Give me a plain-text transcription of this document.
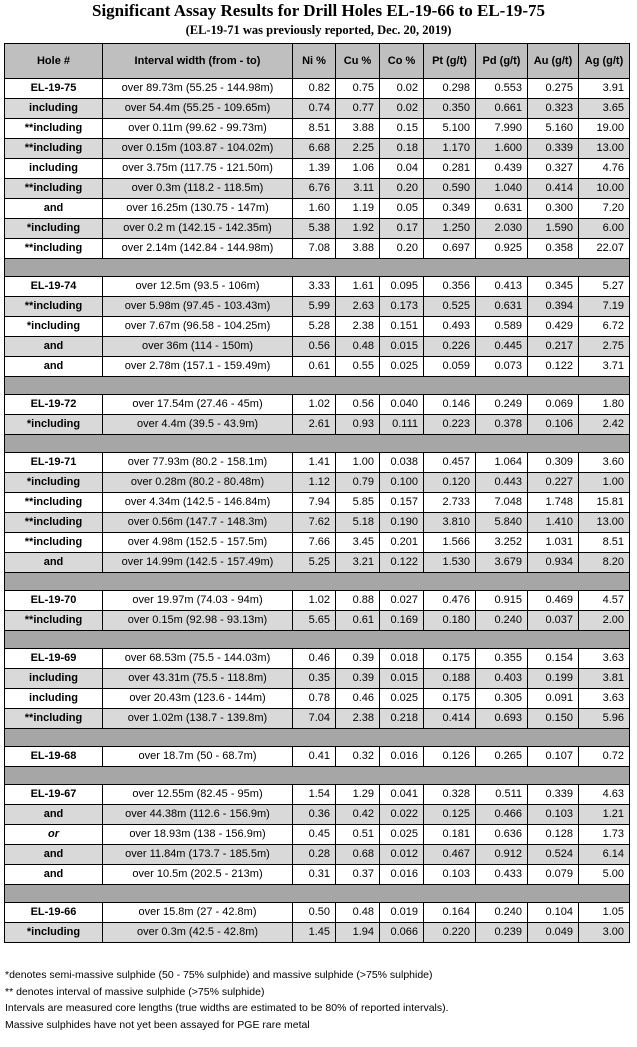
Significant Assay Results for Drill Holes EL-19-66 to EL-19-75
(EL-19-71 was previously reported, Dec. 20, 2019)
Hole #	Interval width (from - to)	Ni %	Cu %	Co %	Pt (g/t)	Pd (g/t)	Au (g/t)	Ag (g/t)
EL-19-75	over 89.73m (55.25 - 144.98m)	0.82	0.75	0.02	0.298	0.553	0.275	3.91
including	over 54.4m (55.25 - 109.65m)	0.74	0.77	0.02	0.350	0.661	0.323	3.65
**including	over 0.11m (99.62 - 99.73m)	8.51	3.88	0.15	5.100	7.990	5.160	19.00
**including	over 0.15m (103.87 - 104.02m)	6.68	2.25	0.18	1.170	1.600	0.339	13.00
including	over 3.75m (117.75 - 121.50m)	1.39	1.06	0.04	0.281	0.439	0.327	4.76
**including	over 0.3m (118.2 - 118.5m)	6.76	3.11	0.20	0.590	1.040	0.414	10.00
and	over 16.25m (130.75 - 147m)	1.60	1.19	0.05	0.349	0.631	0.300	7.20
*including	over 0.2 m (142.15 - 142.35m)	5.38	1.92	0.17	1.250	2.030	1.590	6.00
**including	over 2.14m (142.84 - 144.98m)	7.08	3.88	0.20	0.697	0.925	0.358	22.07

EL-19-74	over 12.5m (93.5 - 106m)	3.33	1.61	0.095	0.356	0.413	0.345	5.27
**including	over 5.98m (97.45 - 103.43m)	5.99	2.63	0.173	0.525	0.631	0.394	7.19
*including	over 7.67m (96.58 - 104.25m)	5.28	2.38	0.151	0.493	0.589	0.429	6.72
and	over 36m (114 - 150m)	0.56	0.48	0.015	0.226	0.445	0.217	2.75
and	over 2.78m (157.1 - 159.49m)	0.61	0.55	0.025	0.059	0.073	0.122	3.71

EL-19-72	over 17.54m (27.46 - 45m)	1.02	0.56	0.040	0.146	0.249	0.069	1.80
*including	over 4.4m (39.5 - 43.9m)	2.61	0.93	0.111	0.223	0.378	0.106	2.42

EL-19-71	over 77.93m (80.2 - 158.1m)	1.41	1.00	0.038	0.457	1.064	0.309	3.60
*including	over 0.28m (80.2 - 80.48m)	1.12	0.79	0.100	0.120	0.443	0.227	1.00
**including	over 4.34m (142.5 - 146.84m)	7.94	5.85	0.157	2.733	7.048	1.748	15.81
**including	over 0.56m (147.7 - 148.3m)	7.62	5.18	0.190	3.810	5.840	1.410	13.00
**including	over 4.98m (152.5 - 157.5m)	7.66	3.45	0.201	1.566	3.252	1.031	8.51
and	over 14.99m (142.5 - 157.49m)	5.25	3.21	0.122	1.530	3.679	0.934	8.20

EL-19-70	over 19.97m (74.03 - 94m)	1.02	0.88	0.027	0.476	0.915	0.469	4.57
**including	over 0.15m (92.98 - 93.13m)	5.65	0.61	0.169	0.180	0.240	0.037	2.00

EL-19-69	over 68.53m (75.5 - 144.03m)	0.46	0.39	0.018	0.175	0.355	0.154	3.63
including	over 43.31m (75.5 - 118.8m)	0.35	0.39	0.015	0.188	0.403	0.199	3.81
including	over 20.43m (123.6 - 144m)	0.78	0.46	0.025	0.175	0.305	0.091	3.63
**including	over 1.02m (138.7 - 139.8m)	7.04	2.38	0.218	0.414	0.693	0.150	5.96

EL-19-68	over 18.7m (50 - 68.7m)	0.41	0.32	0.016	0.126	0.265	0.107	0.72

EL-19-67	over 12.55m (82.45 - 95m)	1.54	1.29	0.041	0.328	0.511	0.339	4.63
and	over 44.38m (112.6 - 156.9m)	0.36	0.42	0.022	0.125	0.466	0.103	1.21
or	over 18.93m (138 - 156.9m)	0.45	0.51	0.025	0.181	0.636	0.128	1.73
and	over 11.84m (173.7 - 185.5m)	0.28	0.68	0.012	0.467	0.912	0.524	6.14
and	over 10.5m (202.5 - 213m)	0.31	0.37	0.016	0.103	0.433	0.079	5.00

EL-19-66	over 15.8m (27 - 42.8m)	0.50	0.48	0.019	0.164	0.240	0.104	1.05
*including	over 0.3m (42.5 - 42.8m)	1.45	1.94	0.066	0.220	0.239	0.049	3.00
*denotes semi-massive sulphide (50 - 75% sulphide) and massive sulphide (>75% sulphide)
** denotes interval of massive sulphide (>75% sulphide)
Intervals are measured core lengths (true widths are estimated to be 80% of reported intervals).
Massive sulphides have not yet been assayed for PGE rare metal
